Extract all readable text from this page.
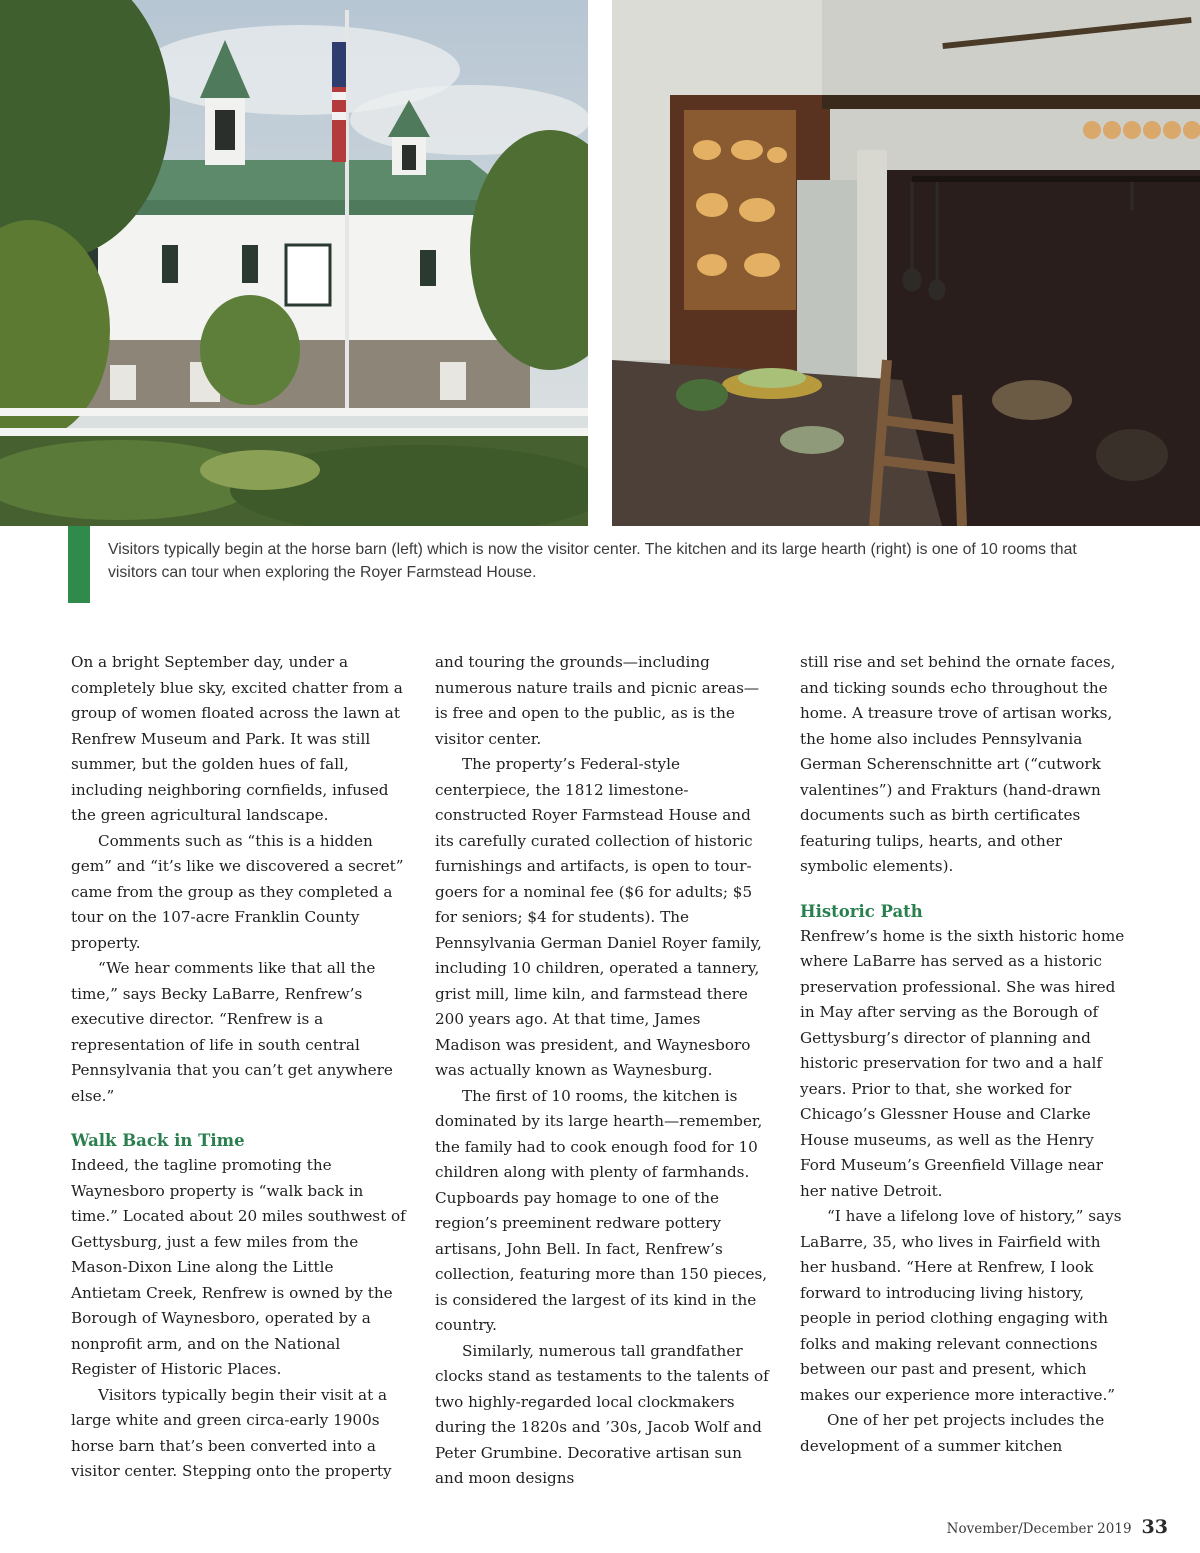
Visitors typically begin at the horse barn (left) which is now the visitor center. The kitchen and its large hearth (right) is one of 10 rooms that visitors can tour when exploring the Royer Farmstead House.

On a bright September day, under a completely blue sky, excited chatter from a group of women floated across the lawn at Renfrew Museum and Park. It was still summer, but the golden hues of fall, including neighboring cornfields, infused the green agricultural landscape.

Comments such as “this is a hidden gem” and “it’s like we discovered a secret” came from the group as they completed a tour on the 107-acre Franklin County property.

“We hear comments like that all the time,” says Becky LaBarre, Renfrew’s executive director. “Renfrew is a representation of life in south central Pennsylvania that you can’t get anywhere else.”

Walk Back in Time

Indeed, the tagline promoting the Waynesboro property is “walk back in time.” Located about 20 miles southwest of Gettysburg, just a few miles from the Mason-Dixon Line along the Little Antietam Creek, Renfrew is owned by the Borough of Waynesboro, operated by a nonprofit arm, and on the National Register of Historic Places.

Visitors typically begin their visit at a large white and green circa-early 1900s horse barn that’s been converted into a visitor center. Stepping onto the property

and touring the grounds—including numerous nature trails and picnic areas—is free and open to the public, as is the visitor center.

The property’s Federal-style centerpiece, the 1812 limestone-constructed Royer Farmstead House and its carefully curated collection of historic furnishings and artifacts, is open to tour-goers for a nominal fee ($6 for adults; $5 for seniors; $4 for students). The Pennsylvania German Daniel Royer family, including 10 children, operated a tannery, grist mill, lime kiln, and farmstead there 200 years ago. At that time, James Madison was president, and Waynesboro was actually known as Waynesburg.

The first of 10 rooms, the kitchen is dominated by its large hearth—remember, the family had to cook enough food for 10 children along with plenty of farmhands. Cupboards pay homage to one of the region’s preeminent redware pottery artisans, John Bell. In fact, Renfrew’s collection, featuring more than 150 pieces, is considered the largest of its kind in the country.

Similarly, numerous tall grandfather clocks stand as testaments to the talents of two highly-regarded local clockmakers during the 1820s and ’30s, Jacob Wolf and Peter Grumbine. Decorative artisan sun and moon designs

still rise and set behind the ornate faces, and ticking sounds echo throughout the home. A treasure trove of artisan works, the home also includes Pennsylvania German Scherenschnitte art (“cutwork valentines”) and Frakturs (hand-drawn documents such as birth certificates featuring tulips, hearts, and other symbolic elements).

Historic Path

Renfrew’s home is the sixth historic home where LaBarre has served as a historic preservation professional. She was hired in May after serving as the Borough of Gettysburg’s director of planning and historic preservation for two and a half years. Prior to that, she worked for Chicago’s Glessner House and Clarke House museums, as well as the Henry Ford Museum’s Greenfield Village near her native Detroit.

“I have a lifelong love of history,” says LaBarre, 35, who lives in Fairfield with her husband. “Here at Renfrew, I look forward to introducing living history, people in period clothing engaging with folks and making relevant connections between our past and present, which makes our experience more interactive.”

One of her pet projects includes the development of a summer kitchen

November/December 2019 33
